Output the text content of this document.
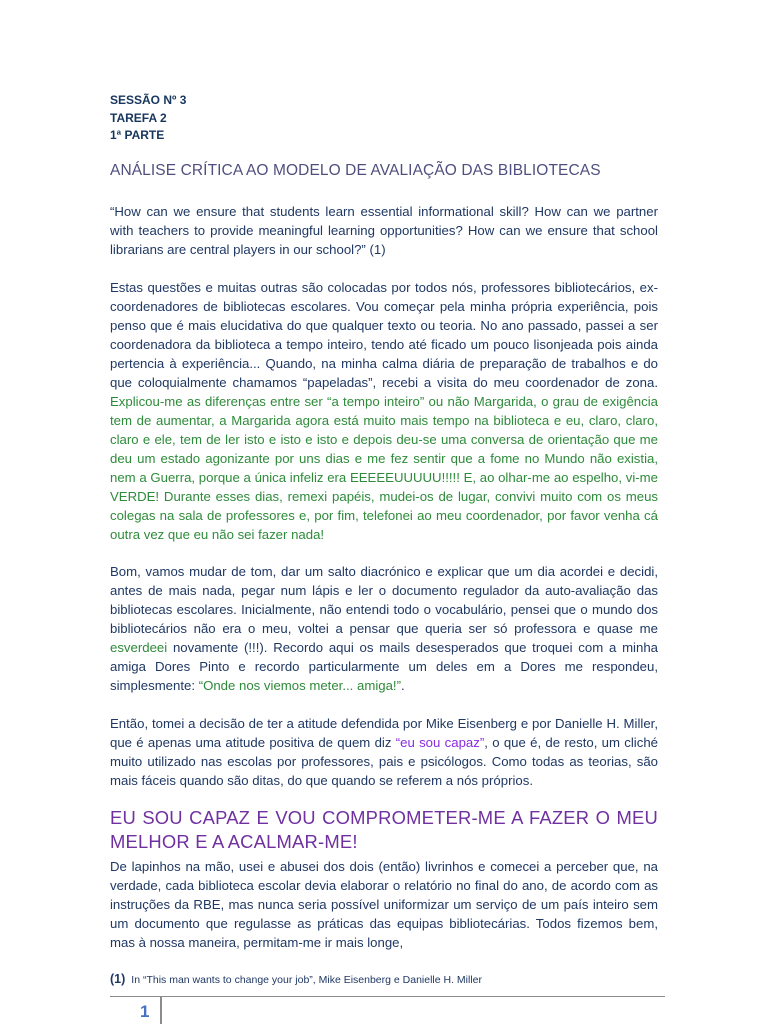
SESSÃO Nº 3
TAREFA 2
1ª PARTE
ANÁLISE CRÍTICA AO MODELO DE AVALIAÇÃO DAS BIBLIOTECAS
“How can we ensure that students learn essential informational skill? How can we partner with teachers to provide meaningful learning opportunities? How can we ensure that school librarians are central players in our school?” (1)
Estas questões e muitas outras são colocadas por todos nós, professores bibliotecários, ex-coordenadores de bibliotecas escolares. Vou começar pela minha própria experiência, pois penso que é mais elucidativa do que qualquer texto ou teoria. No ano passado, passei a ser coordenadora da biblioteca a tempo inteiro, tendo até ficado um pouco lisonjeada pois ainda pertencia à experiência... Quando, na minha calma diária de preparação de trabalhos e do que coloquialmente chamamos “papeladas”, recebi a visita do meu coordenador de zona. Explicou-me as diferenças entre ser “a tempo inteiro” ou não Margarida, o grau de exigência tem de aumentar, a Margarida agora está muito mais tempo na biblioteca e eu, claro, claro, claro e ele, tem de ler isto e isto e isto e depois deu-se uma conversa de orientação que me deu um estado agonizante por uns dias e me fez sentir que a fome no Mundo não existia, nem a Guerra, porque a única infeliz era EEEEEUUUUU!!!!! E, ao olhar-me ao espelho, vi-me VERDE! Durante esses dias, remexi papéis, mudei-os de lugar, convivi muito com os meus colegas na sala de professores e, por fim, telefonei ao meu coordenador, por favor venha cá outra vez que eu não sei fazer nada!
Bom, vamos mudar de tom, dar um salto diacrónico e explicar que um dia acordei e decidi, antes de mais nada, pegar num lápis e ler o documento regulador da auto-avaliação das bibliotecas escolares. Inicialmente, não entendi todo o vocabulário, pensei que o mundo dos bibliotecários não era o meu, voltei a pensar que queria ser só professora e quase me esverdeei novamente (!!!). Recordo aqui os mails desesperados que troquei com a minha amiga Dores Pinto e recordo particularmente um deles em a Dores me respondeu, simplesmente: “Onde nos viemos meter... amiga!”.
Então, tomei a decisão de ter a atitude defendida por Mike Eisenberg e por Danielle H. Miller, que é apenas uma atitude positiva de quem diz “eu sou capaz”, o que é, de resto, um cliché muito utilizado nas escolas por professores, pais e psicólogos. Como todas as teorias, são mais fáceis quando são ditas, do que quando se referem a nós próprios.
EU SOU CAPAZ E VOU COMPROMETER-ME A FAZER O MEU MELHOR E A ACALMAR-ME!
De lapinhos na mão, usei e abusei dos dois (então) livrinhos e comecei a perceber que, na verdade, cada biblioteca escolar devia elaborar o relatório no final do ano, de acordo com as instruções da RBE, mas nunca seria possível uniformizar um serviço de um país inteiro sem um documento que regulasse as práticas das equipas bibliotecárias. Todos fizemos bem, mas à nossa maneira, permitam-me ir mais longe,
(1) In “This man wants to change your job”, Mike Eisenberg e Danielle H. Miller
1
